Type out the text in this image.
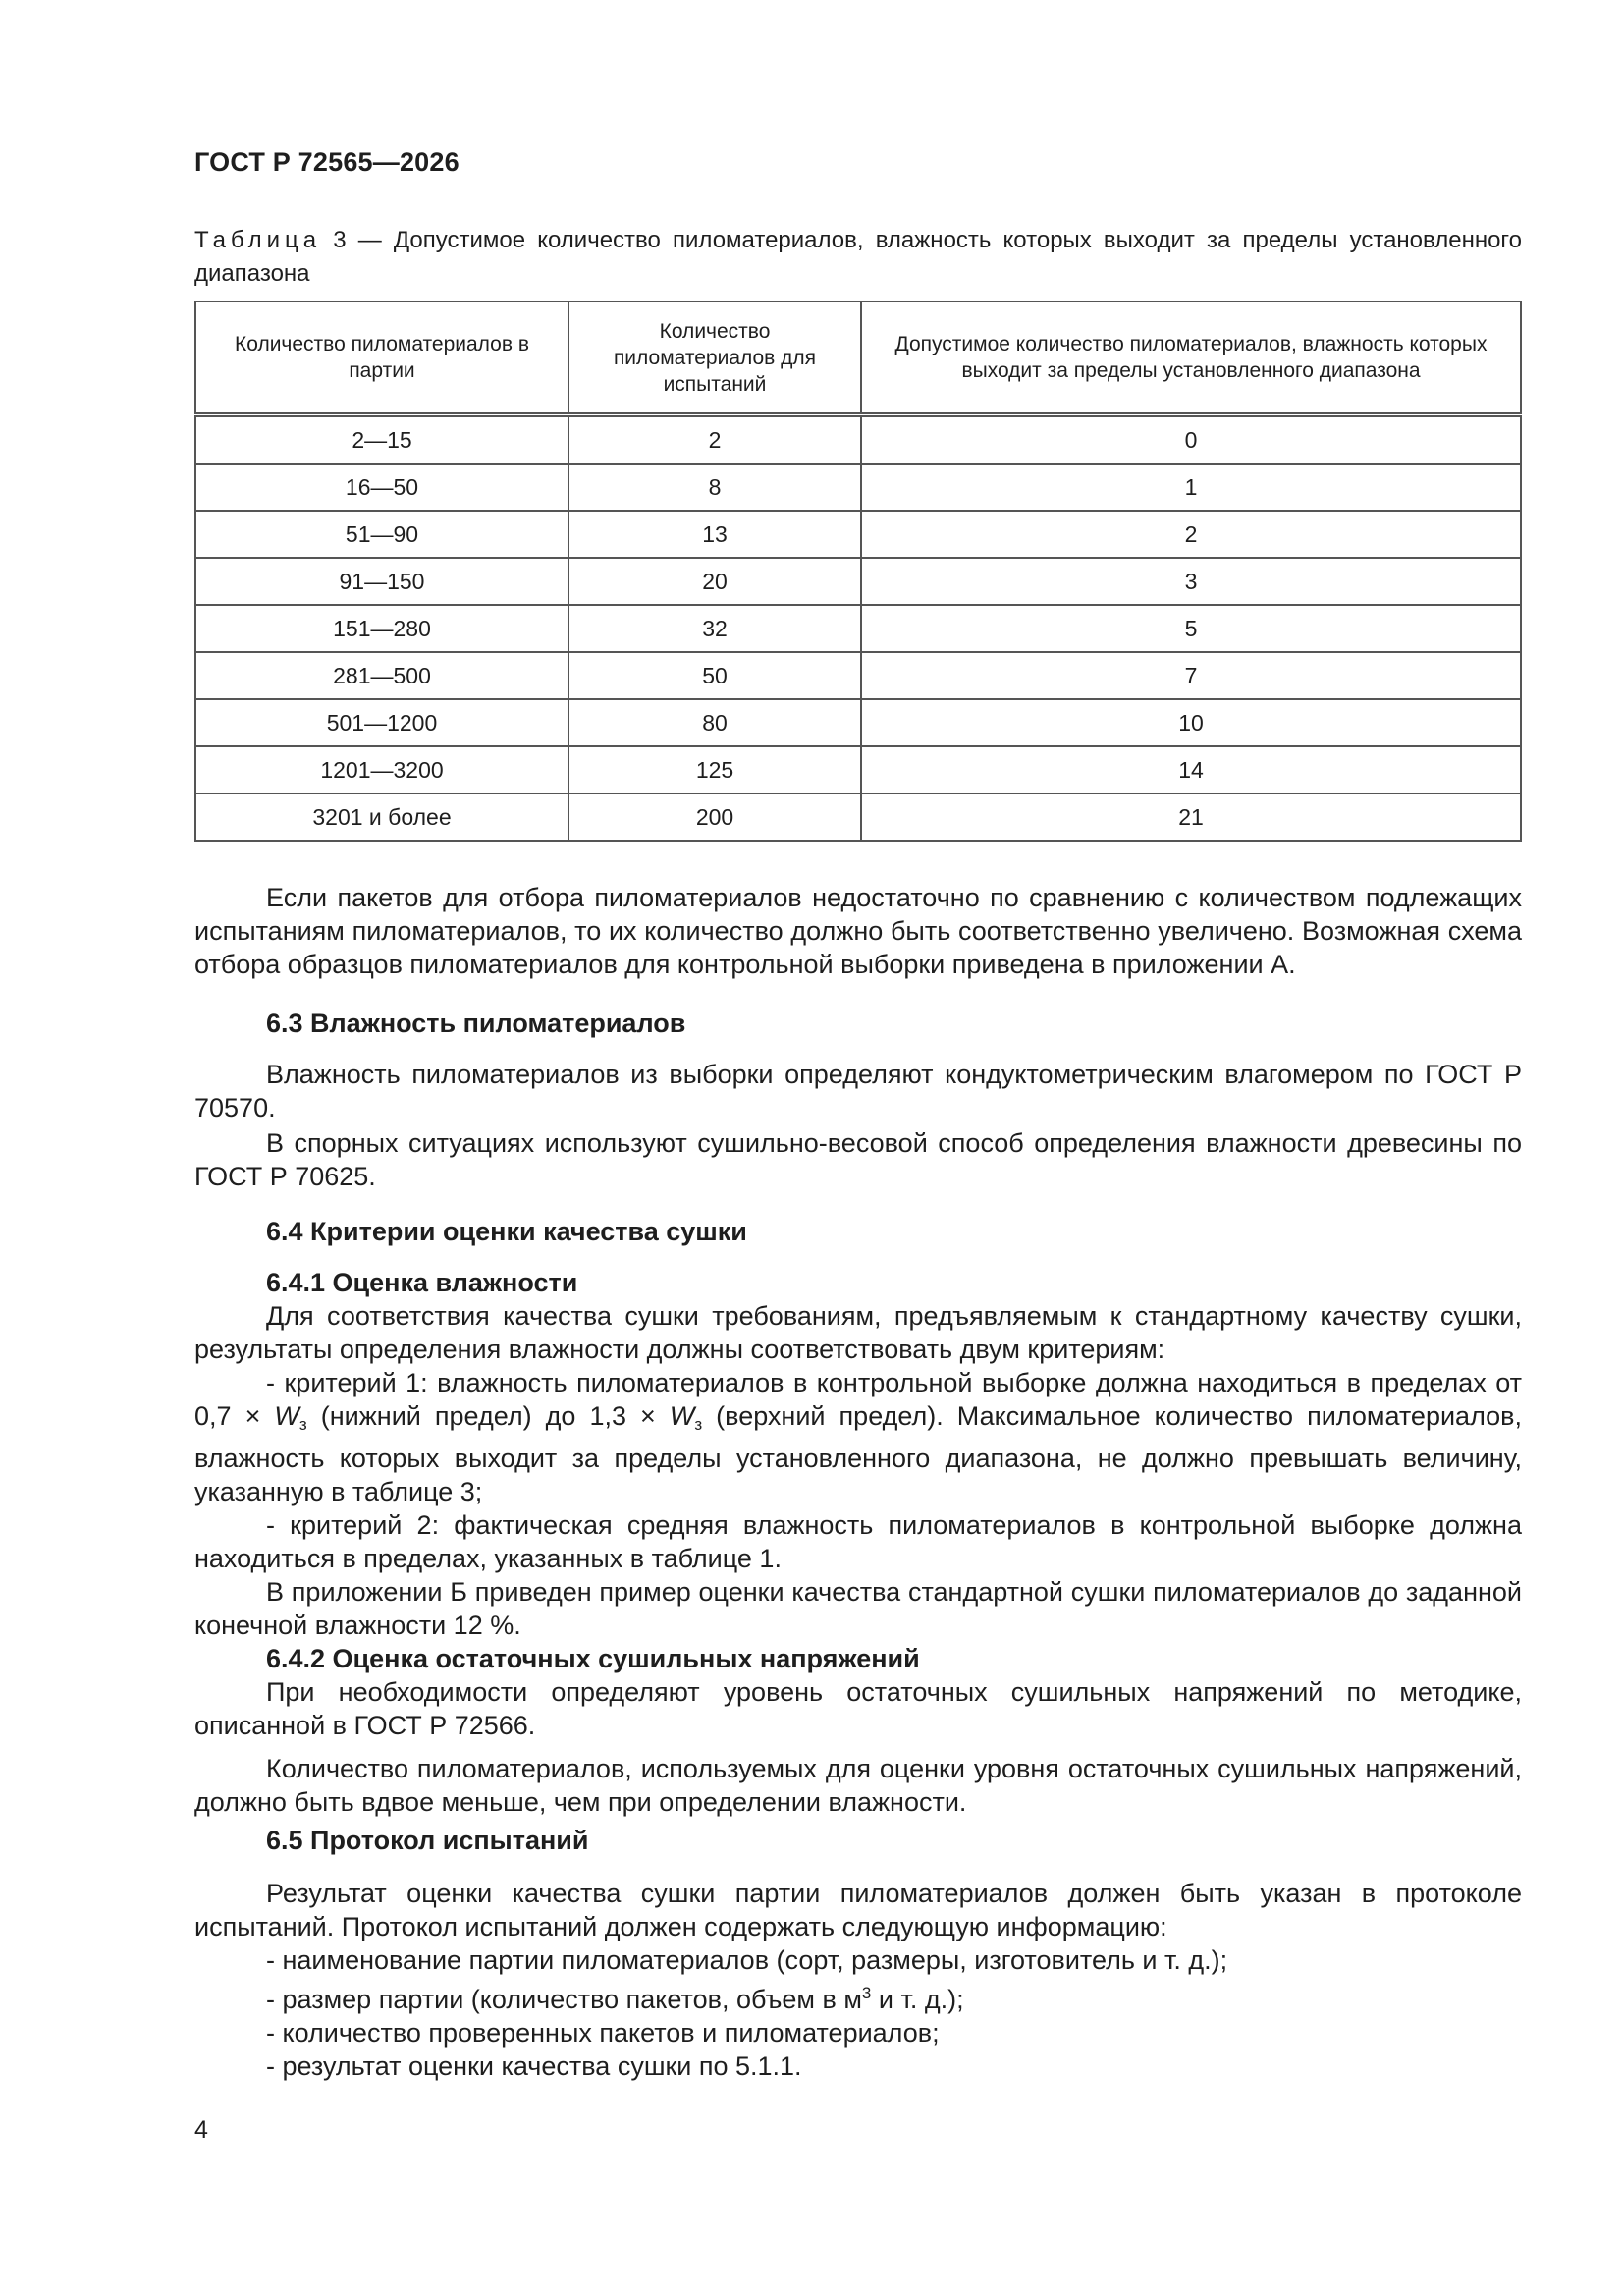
ГОСТ Р 72565—2026
Таблица 3 — Допустимое количество пиломатериалов, влажность которых выходит за пределы установленного диапазона
Количество пиломатериалов в партии	Количество пиломатериалов для испытаний	Допустимое количество пиломатериалов, влажность которых выходит за пределы установленного диапазона
2—15	2	0
16—50	8	1
51—90	13	2
91—150	20	3
151—280	32	5
281—500	50	7
501—1200	80	10
1201—3200	125	14
3201 и более	200	21

Если пакетов для отбора пиломатериалов недостаточно по сравнению с количеством подлежащих испытаниям пиломатериалов, то их количество должно быть соответственно увеличено. Возможная схема отбора образцов пиломатериалов для контрольной выборки приведена в приложении А.

6.3 Влажность пиломатериалов

Влажность пиломатериалов из выборки определяют кондуктометрическим влагомером по ГОСТ Р 70570.

В спорных ситуациях используют сушильно-весовой способ определения влажности древесины по ГОСТ Р 70625.

6.4 Критерии оценки качества сушки

6.4.1 Оценка влажности

Для соответствия качества сушки требованиям, предъявляемым к стандартному качеству сушки, результаты определения влажности должны соответствовать двум критериям:

- критерий 1: влажность пиломатериалов в контрольной выборке должна находиться в пределах от $0,7 \times W_з$ (нижний предел) до $1,3 \times W_з$ (верхний предел). Максимальное количество пиломатериалов, влажность которых выходит за пределы установленного диапазона, не должно превышать величину, указанную в таблице 3;

- критерий 2: фактическая средняя влажность пиломатериалов в контрольной выборке должна находиться в пределах, указанных в таблице 1.

В приложении Б приведен пример оценки качества стандартной сушки пиломатериалов до заданной конечной влажности 12 %.

6.4.2 Оценка остаточных сушильных напряжений

При необходимости определяют уровень остаточных сушильных напряжений по методике, описанной в ГОСТ Р 72566.

Количество пиломатериалов, используемых для оценки уровня остаточных сушильных напряжений, должно быть вдвое меньше, чем при определении влажности.

6.5 Протокол испытаний

Результат оценки качества сушки партии пиломатериалов должен быть указан в протоколе испытаний. Протокол испытаний должен содержать следующую информацию:

- наименование партии пиломатериалов (сорт, размеры, изготовитель и т. д.);

- размер партии (количество пакетов, объем в $м^3$ и т. д.);

- количество проверенных пакетов и пиломатериалов;

- результат оценки качества сушки по 5.1.1.

4
